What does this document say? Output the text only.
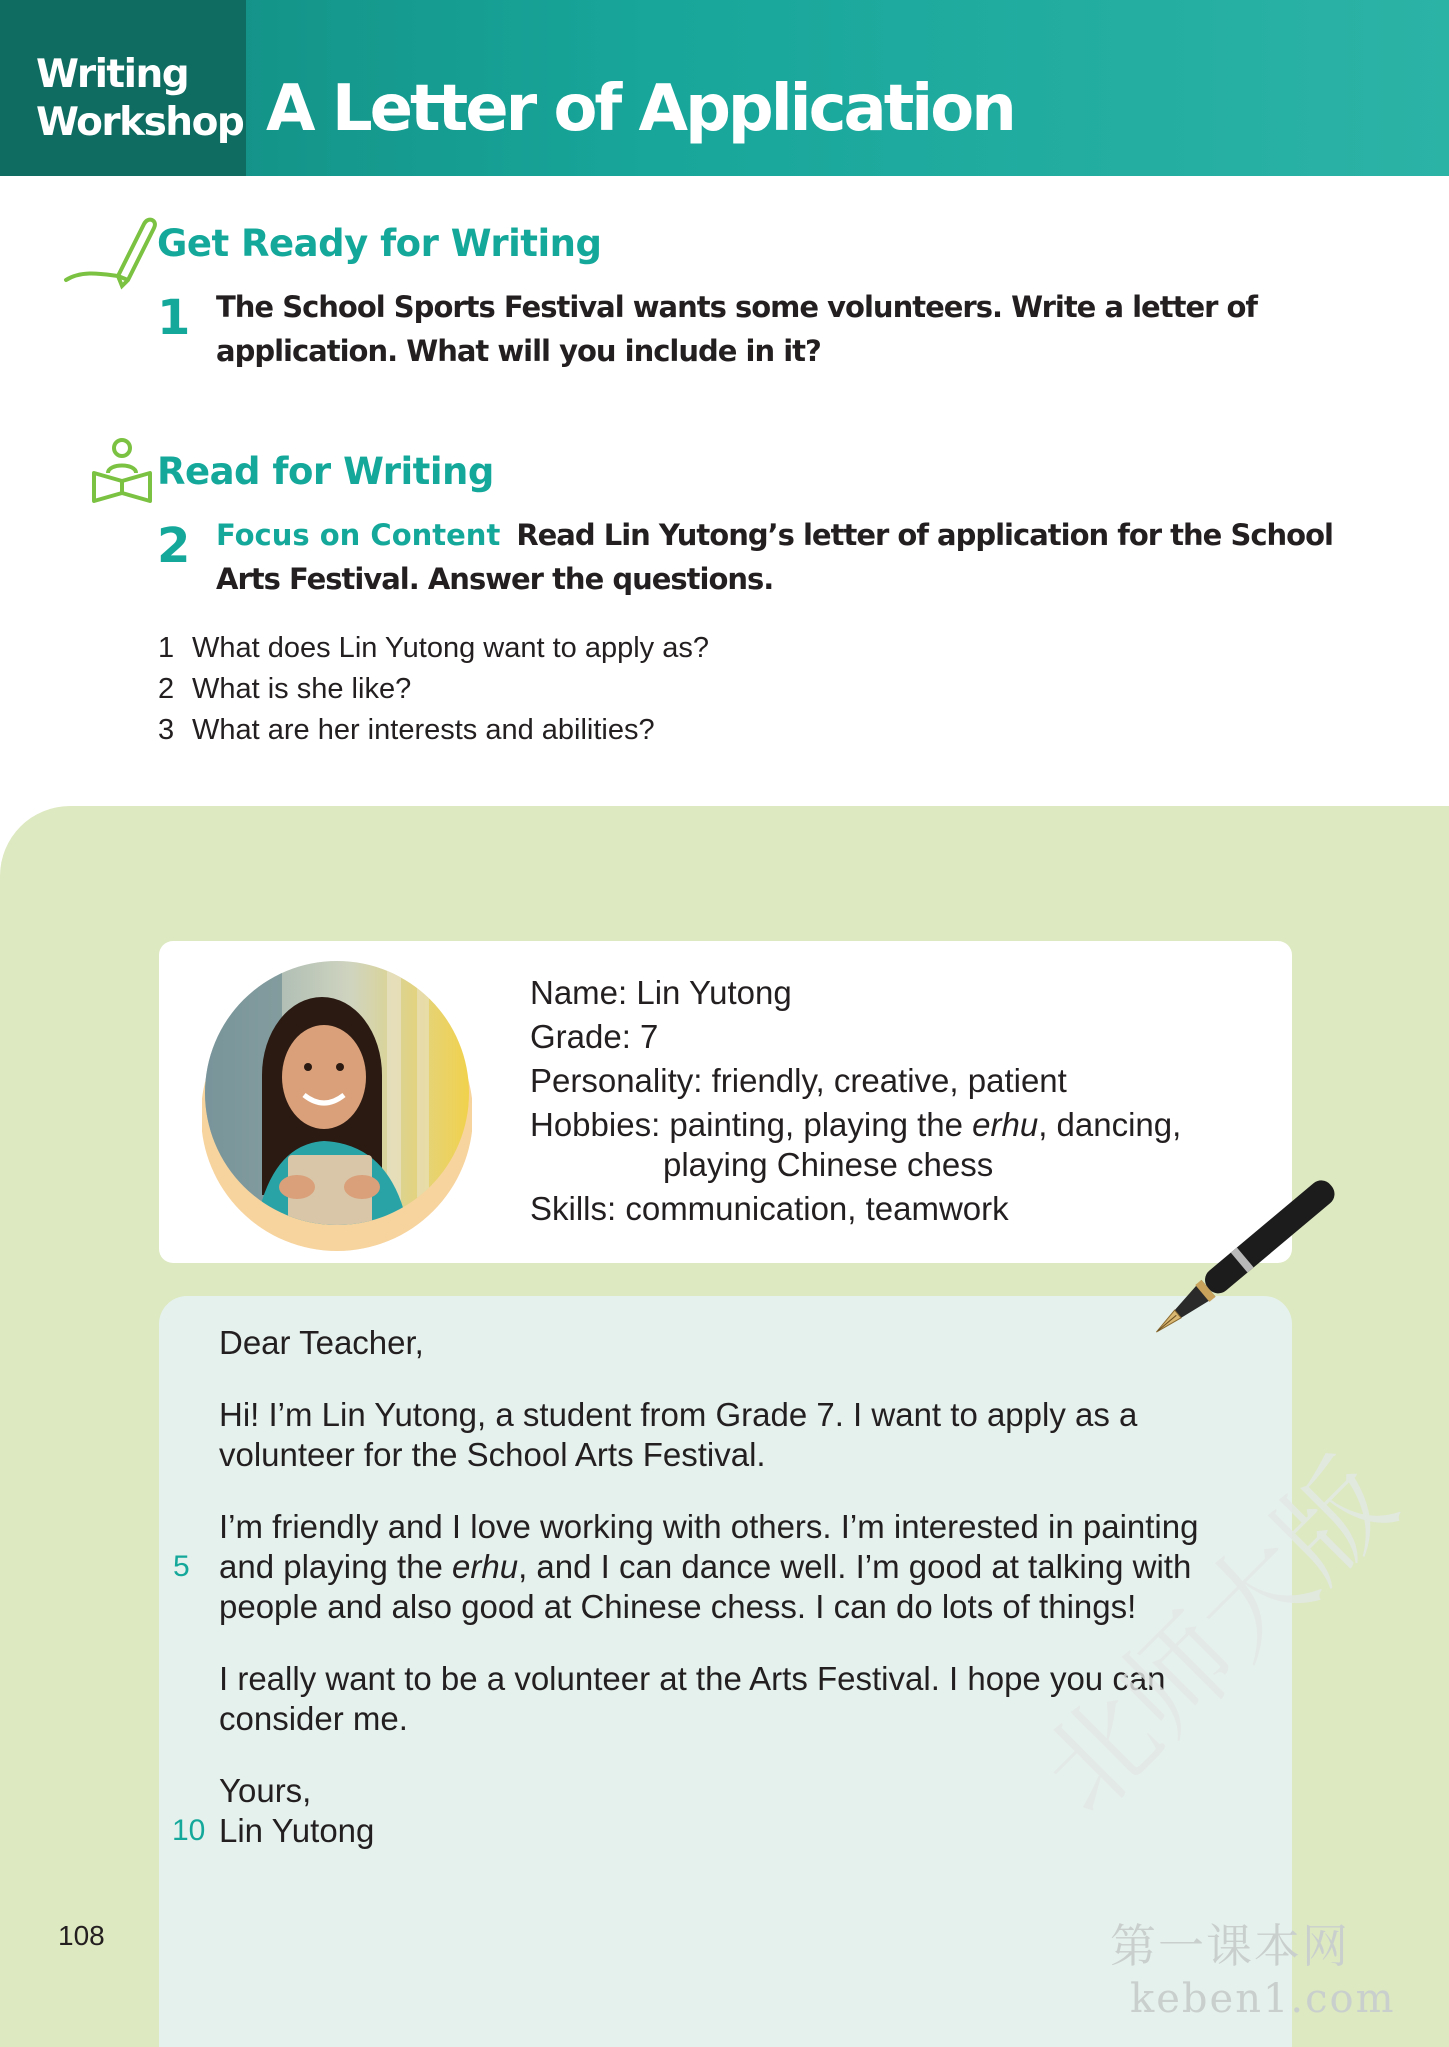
Writing
Workshop A Letter of Application
Get Ready for Writing
1 The School Sports Festival wants some volunteers. Write a letter of
application. What will you include in it?
Read for Writing
2 Focus on Content Read Lin Yutong’s letter of application for the School
Arts Festival. Answer the questions.
1 What does Lin Yutong want to apply as?
2 What is she like?
3 What are her interests and abilities?
Name: Lin Yutong
Grade: 7
Personality: friendly, creative, patient
Hobbies: painting, playing the erhu, dancing,
playing Chinese chess
Skills: communication, teamwork
Dear Teacher,
Hi! I’m Lin Yutong, a student from Grade 7. I want to apply as a
volunteer for the School Arts Festival.
I’m friendly and I love working with others. I’m interested in painting
5 and playing the erhu, and I can dance well. I’m good at talking with
people and also good at Chinese chess. I can do lots of things!
I really want to be a volunteer at the Arts Festival. I hope you can
consider me.
Yours,
10 Lin Yutong
108	第一课本网
keben1.com
北师大版
